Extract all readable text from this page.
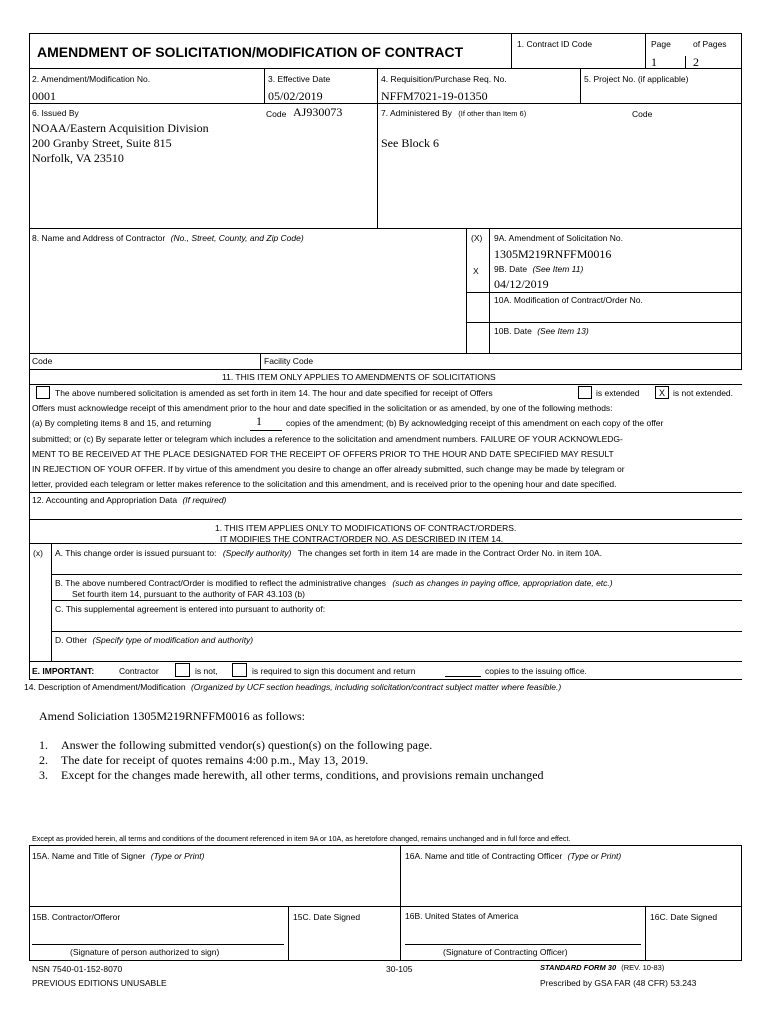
AMENDMENT OF SOLICITATION/MODIFICATION OF CONTRACT	1. Contract ID Code	Page	of Pages
1	2
2. Amendment/Modification No.
0001
3. Effective Date
05/02/2019
4. Requisition/Purchase Req. No.
NFFM7021-19-01350
5. Project No. (if applicable)
6. Issued By	Code AJ930073
NOAA/Eastern Acquisition Division
200 Granby Street, Suite 815
Norfolk, VA 23510
7. Administered By (If other than Item 6)	Code
See Block 6
8. Name and Address of Contractor (No., Street, County, and Zip Code)	(X) 9A. Amendment of Solicitation No.
1305M219RNFFM0016
X 9B. Date (See Item 11)
04/12/2019
10A. Modification of Contract/Order No.
10B. Date (See Item 13)
Code	Facility Code
11. THIS ITEM ONLY APPLIES TO AMENDMENTS OF SOLICITATIONS
The above numbered solicitation is amended as set forth in item 14. The hour and date specified for receipt of Offers	is extended	X is not extended.
Offers must acknowledge receipt of this amendment prior to the hour and date specified in the solicitation or as amended, by one of the following methods:
(a) By completing items 8 and 15, and returning	1	copies of the amendment; (b) By acknowledging receipt of this amendment on each copy of the offer
submitted; or (c) By separate letter or telegram which includes a reference to the solicitation and amendment numbers. FAILURE OF YOUR ACKNOWLEDG-
MENT TO BE RECEIVED AT THE PLACE DESIGNATED FOR THE RECEIPT OF OFFERS PRIOR TO THE HOUR AND DATE SPECIFIED MAY RESULT
IN REJECTION OF YOUR OFFER. If by virtue of this amendment you desire to change an offer already submitted, such change may be made by telegram or
letter, provided each telegram or letter makes reference to the solicitation and this amendment, and is received prior to the opening hour and date specified.
12. Accounting and Appropriation Data (If required)
1. THIS ITEM APPLIES ONLY TO MODIFICATIONS OF CONTRACT/ORDERS.
IT MODIFIES THE CONTRACT/ORDER NO. AS DESCRIBED IN ITEM 14.
(x) A. This change order is issued pursuant to: (Specify authority) The changes set forth in item 14 are made in the Contract Order No. in item 10A.
B. The above numbered Contract/Order is modified to reflect the administrative changes (such as changes in paying office, appropriation date, etc.)
Set fourth item 14, pursuant to the authority of FAR 43.103 (b)
C. This supplemental agreement is entered into pursuant to authority of:
D. Other (Specify type of modification and authority)
E. IMPORTANT:	Contractor	is not,	is required to sign this document and return	copies to the issuing office.
14. Description of Amendment/Modification (Organized by UCF section headings, including solicitation/contract subject matter where feasible.)
Amend Soliciation 1305M219RNFFM0016 as follows:
1. Answer the following submitted vendor(s) question(s) on the following page.
2. The date for receipt of quotes remains 4:00 p.m., May 13, 2019.
3. Except for the changes made herewith, all other terms, conditions, and provisions remain unchanged
Except as provided herein, all terms and conditions of the document referenced in item 9A or 10A, as heretofore changed, remains unchanged and in full force and effect.
15A. Name and Title of Signer (Type or Print)	16A. Name and title of Contracting Officer (Type or Print)
15B. Contractor/Offeror	15C. Date Signed	16B. United States of America	16C. Date Signed
(Signature of person authorized to sign)	(Signature of Contracting Officer)
NSN 7540-01-152-8070	30-105	STANDARD FORM 30 (REV. 10-83)
PREVIOUS EDITIONS UNUSABLE	Prescribed by GSA FAR (48 CFR) 53.243
